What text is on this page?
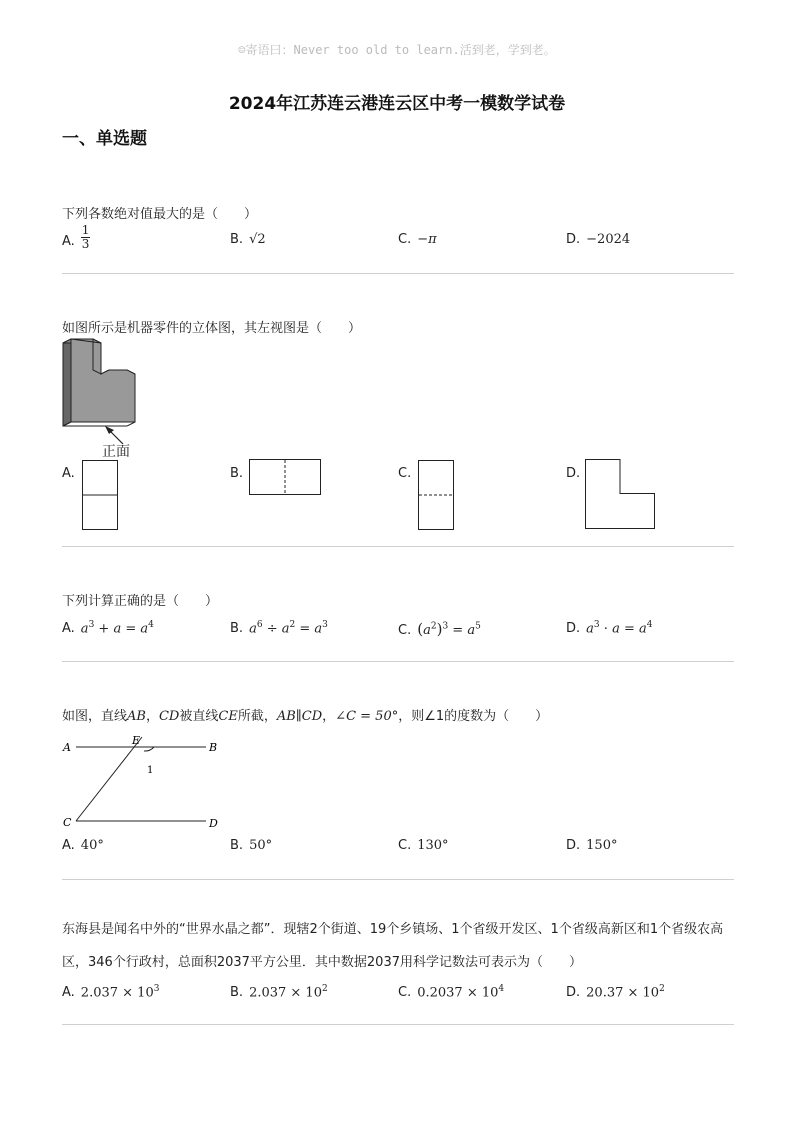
☺寄语曰：Never too old to learn.活到老，学到老。
2024年江苏连云港连云区中考一模数学试卷
一、单选题
下列各数绝对值最大的是（　　）
A. $\frac{1}{3}$	B. √2	C. −π	D. −2024
如图所示是机器零件的立体图，其左视图是（　　）
正面
A.	B.	C.	D.
下列计算正确的是（　　）
A. $a^3 + a = a^4$	B. $a^6 \div a^2 = a^3$	C. $(a^2)^3 = a^5$	D. $a^3 \cdot a = a^4$
如图，直线AB，CD被直线CE所截，AB∥CD，∠C = 50°，则∠1的度数为（　　）
A	B
C	D
E
1
A. 40°	B. 50°	C. 130°	D. 150°
东海县是闻名中外的“世界水晶之都”．现辖2个街道、19个乡镇场、1个省级开发区、1个省级高新区和1个省级农高区，346个行政村，总面积2037平方公里．其中数据2037用科学记数法可表示为（　　）
A. $2.037 \times 10^3$	B. $2.037 \times 10^2$	C. $0.2037 \times 10^4$	D. $20.37 \times 10^2$
